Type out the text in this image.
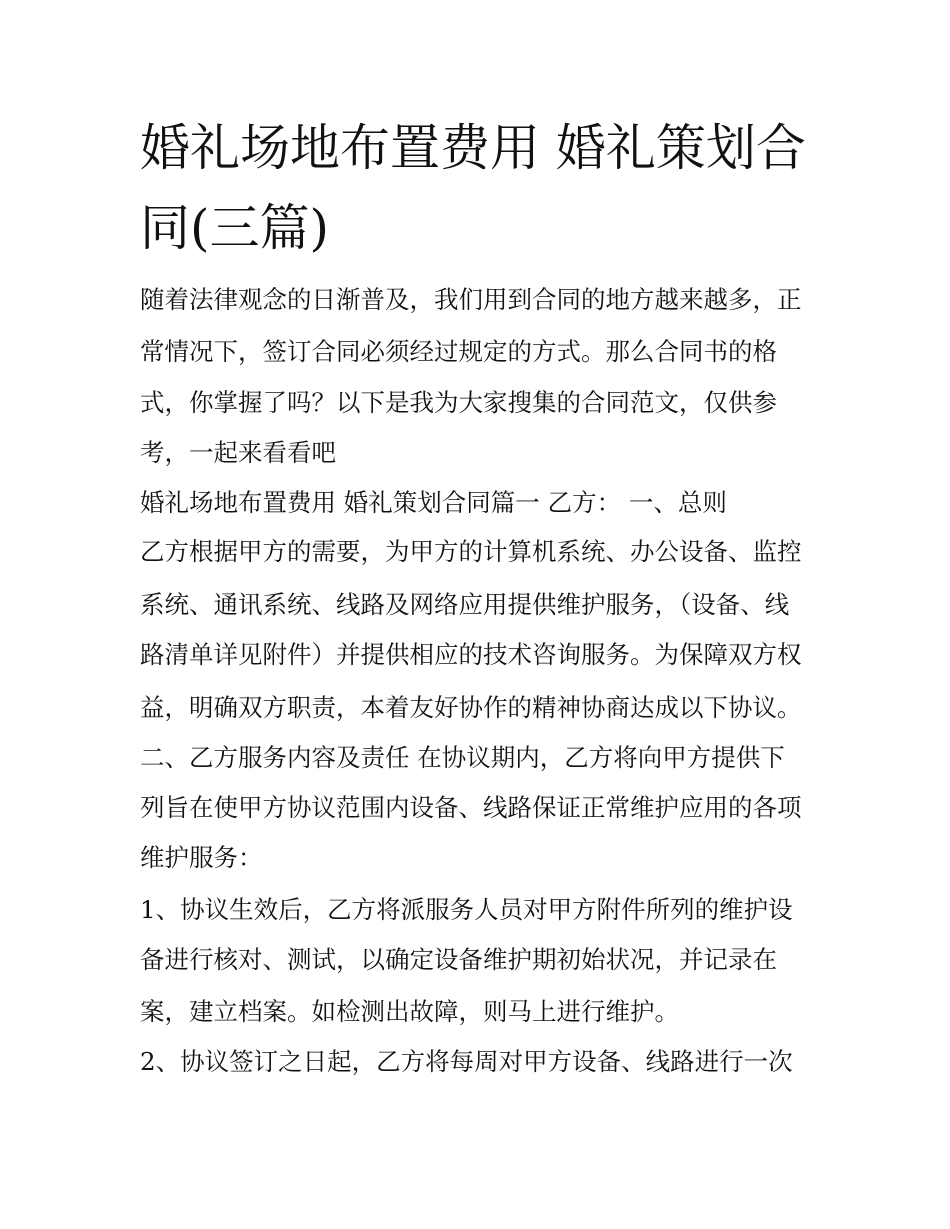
婚礼场地布置费用 婚礼策划合
同(三篇)
随着法律观念的日渐普及，我们用到合同的地方越来越多，正
常情况下，签订合同必须经过规定的方式。那么合同书的格
式，你掌握了吗？以下是我为大家搜集的合同范文，仅供参
考，一起来看看吧
婚礼场地布置费用 婚礼策划合同篇一 乙方： 一、总则
乙方根据甲方的需要，为甲方的计算机系统、办公设备、监控
系统、通讯系统、线路及网络应用提供维护服务，（设备、线
路清单详见附件）并提供相应的技术咨询服务。为保障双方权
益，明确双方职责，本着友好协作的精神协商达成以下协议。
二、乙方服务内容及责任 在协议期内，乙方将向甲方提供下
列旨在使甲方协议范围内设备、线路保证正常维护应用的各项
维护服务：
1、协议生效后，乙方将派服务人员对甲方附件所列的维护设
备进行核对、测试，以确定设备维护期初始状况，并记录在
案，建立档案。如检测出故障，则马上进行维护。
2、协议签订之日起，乙方将每周对甲方设备、线路进行一次
